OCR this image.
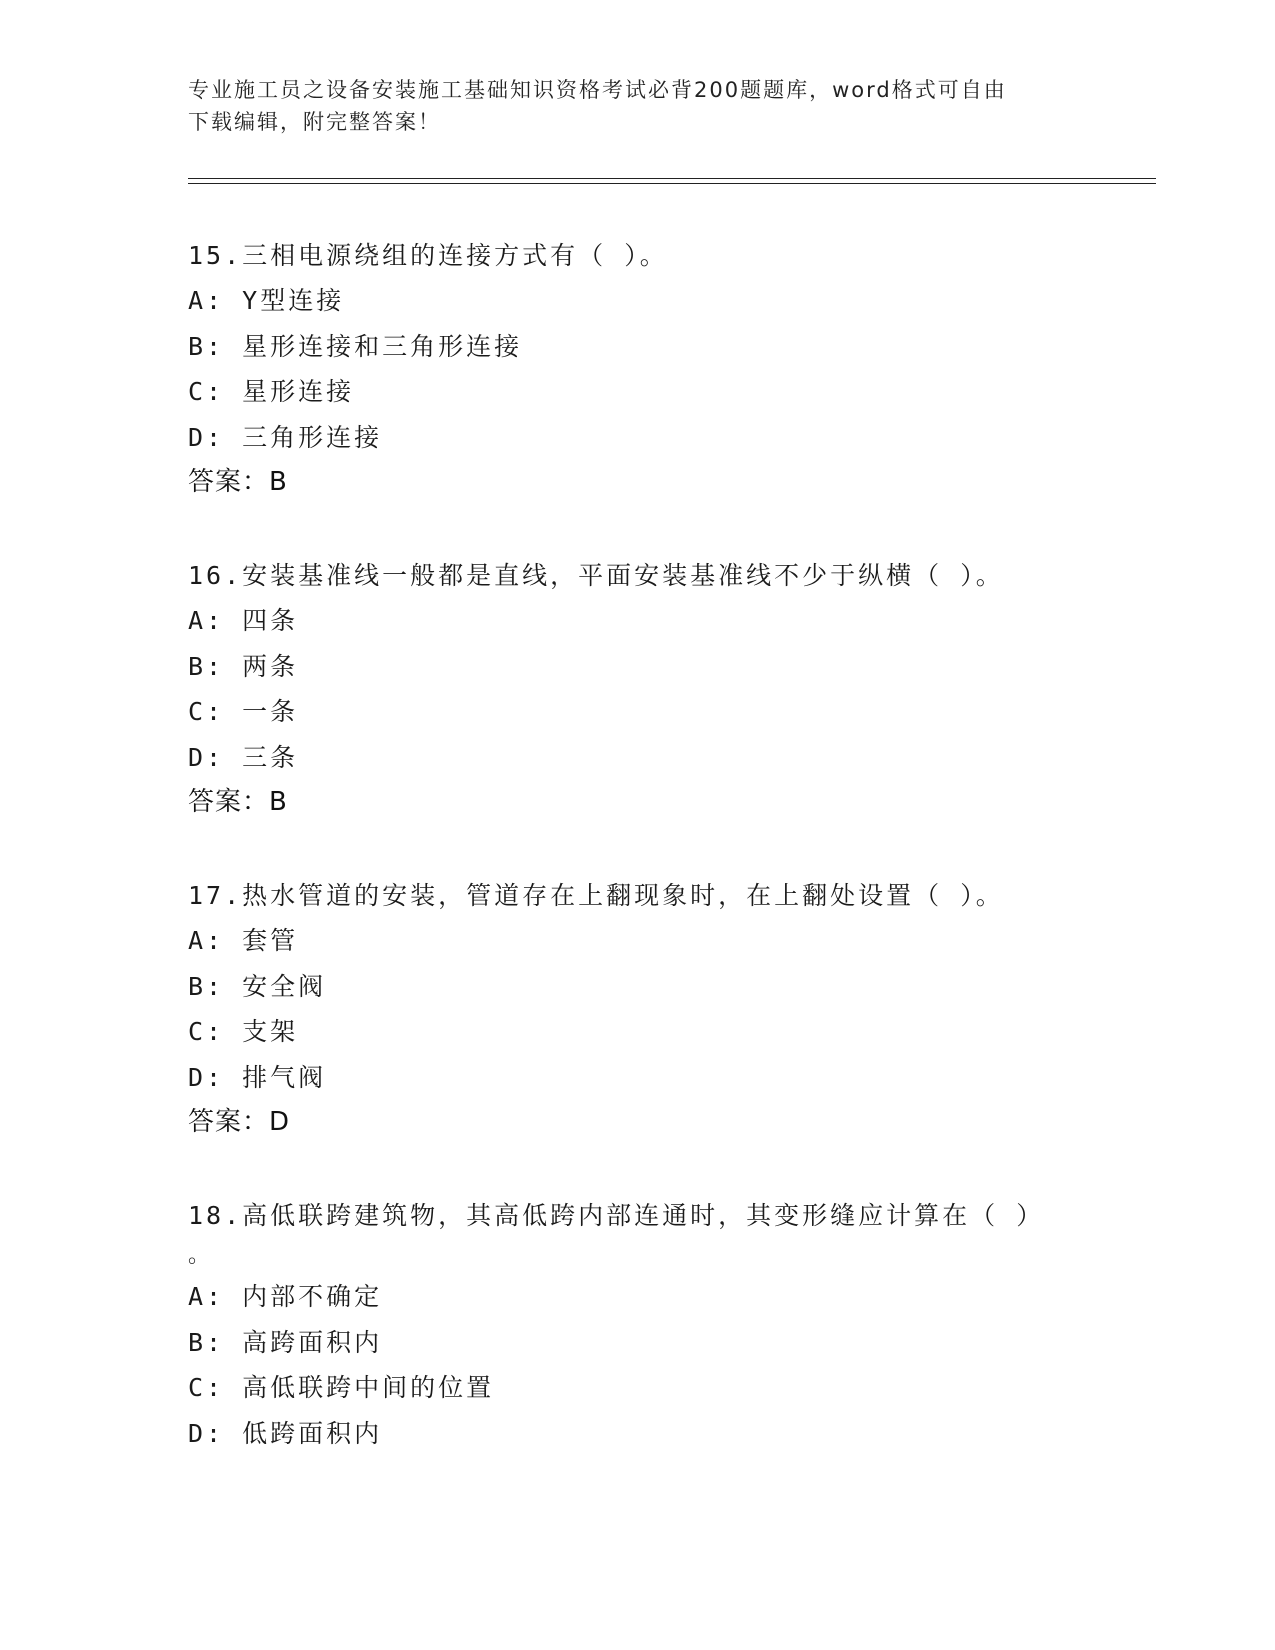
专业施工员之设备安装施工基础知识资格考试必背200题题库，word格式可自由
下载编辑，附完整答案！
15.三相电源绕组的连接方式有（ ）。
A: Y型连接
B: 星形连接和三角形连接
C: 星形连接
D: 三角形连接
答案：B
16.安装基准线一般都是直线，平面安装基准线不少于纵横（ ）。
A: 四条
B: 两条
C: 一条
D: 三条
答案：B
17.热水管道的安装，管道存在上翻现象时，在上翻处设置（ ）。
A: 套管
B: 安全阀
C: 支架
D: 排气阀
答案：D
18.高低联跨建筑物，其高低跨内部连通时，其变形缝应计算在（ ）
。
A: 内部不确定
B: 高跨面积内
C: 高低联跨中间的位置
D: 低跨面积内
